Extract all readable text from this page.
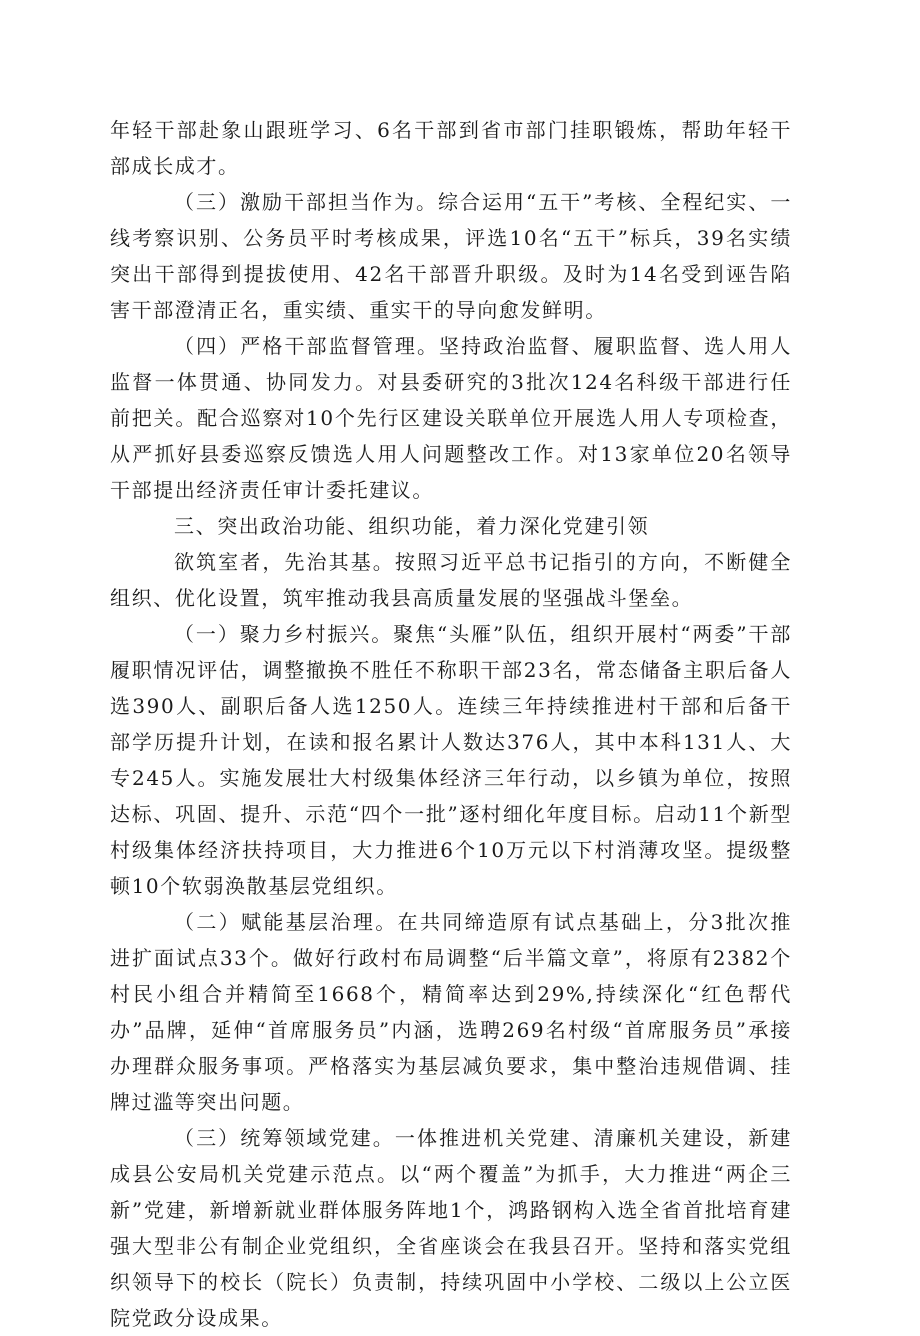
年轻干部赴象山跟班学习、6名干部到省市部门挂职锻炼，帮助年轻干部成长成才。

（三）激励干部担当作为。综合运用“五干”考核、全程纪实、一线考察识别、公务员平时考核成果，评选10名“五干”标兵，39名实绩突出干部得到提拔使用、42名干部晋升职级。及时为14名受到诬告陷害干部澄清正名，重实绩、重实干的导向愈发鲜明。

（四）严格干部监督管理。坚持政治监督、履职监督、选人用人监督一体贯通、协同发力。对县委研究的3批次124名科级干部进行任前把关。配合巡察对10个先行区建设关联单位开展选人用人专项检查，从严抓好县委巡察反馈选人用人问题整改工作。对13家单位20名领导干部提出经济责任审计委托建议。

三、突出政治功能、组织功能，着力深化党建引领

欲筑室者，先治其基。按照习近平总书记指引的方向，不断健全组织、优化设置，筑牢推动我县高质量发展的坚强战斗堡垒。

（一）聚力乡村振兴。聚焦“头雁”队伍，组织开展村“两委”干部履职情况评估，调整撤换不胜任不称职干部23名，常态储备主职后备人选390人、副职后备人选1250人。连续三年持续推进村干部和后备干部学历提升计划，在读和报名累计人数达376人，其中本科131人、大专245人。实施发展壮大村级集体经济三年行动，以乡镇为单位，按照达标、巩固、提升、示范“四个一批”逐村细化年度目标。启动11个新型村级集体经济扶持项目，大力推进6个10万元以下村消薄攻坚。提级整顿10个软弱涣散基层党组织。

（二）赋能基层治理。在共同缔造原有试点基础上，分3批次推进扩面试点33个。做好行政村布局调整“后半篇文章”，将原有2382个村民小组合并精简至1668个，精简率达到29%,持续深化“红色帮代办”品牌，延伸“首席服务员”内涵，选聘269名村级“首席服务员”承接办理群众服务事项。严格落实为基层减负要求，集中整治违规借调、挂牌过滥等突出问题。

（三）统筹领域党建。一体推进机关党建、清廉机关建设，新建成县公安局机关党建示范点。以“两个覆盖”为抓手，大力推进“两企三新”党建，新增新就业群体服务阵地1个，鸿路钢构入选全省首批培育建强大型非公有制企业党组织，全省座谈会在我县召开。坚持和落实党组织领导下的校长（院长）负责制，持续巩固中小学校、二级以上公立医院党政分设成果。
